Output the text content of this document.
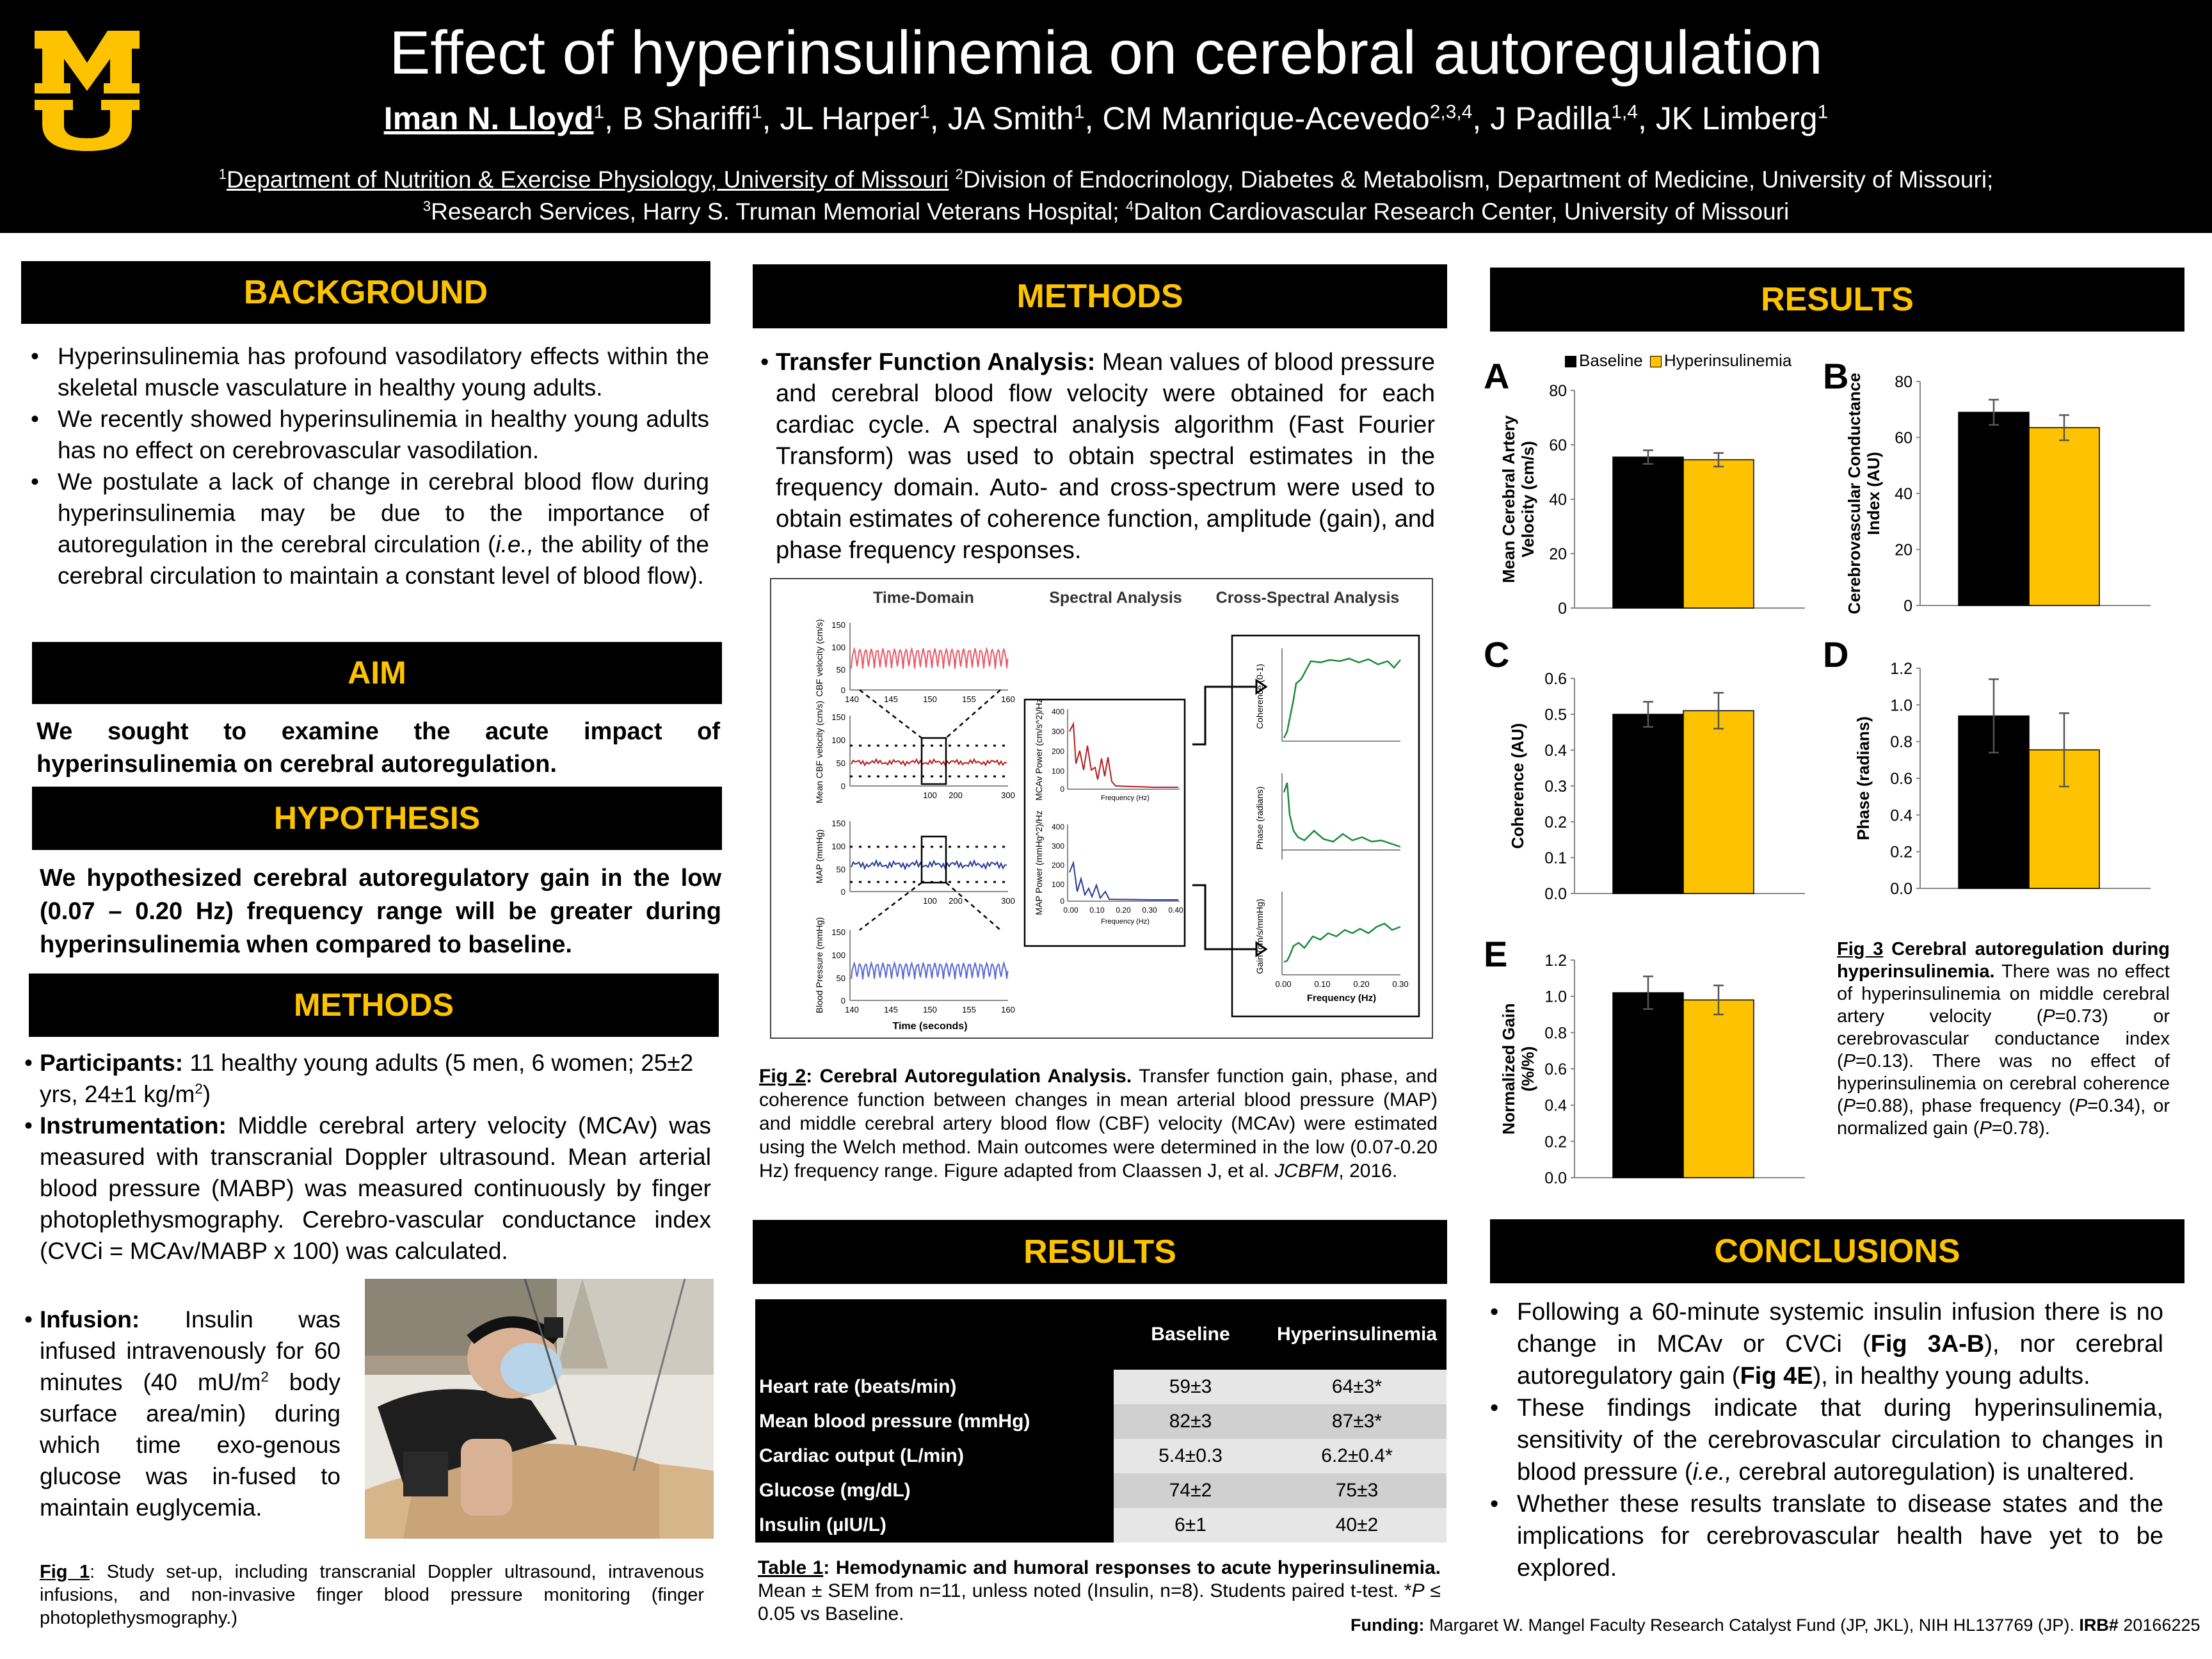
Effect of hyperinsulinemia on cerebral autoregulation
Iman N. Lloyd$^1$, B Shariffi$^1$, JL Harper$^1$, JA Smith$^1$, CM Manrique-Acevedo$^{2,3,4}$, J Padilla$^{1,4}$, JK Limberg$^1$
$^1$Department of Nutrition & Exercise Physiology, University of Missouri $^2$Division of Endocrinology, Diabetes & Metabolism, Department of Medicine, University of Missouri;
$^3$Research Services, Harry S. Truman Memorial Veterans Hospital; $^4$Dalton Cardiovascular Research Center, University of Missouri
BACKGROUND
• Hyperinsulinemia has profound vasodilatory effects within the skeletal muscle vasculature in healthy young adults.
• We recently showed hyperinsulinemia in healthy young adults has no effect on cerebrovascular vasodilation.
• We postulate a lack of change in cerebral blood flow during hyperinsulinemia may be due to the importance of autoregulation in the cerebral circulation (i.e., the ability of the cerebral circulation to maintain a constant level of blood flow).
AIM
We sought to examine the acute impact of hyperinsulinemia on cerebral autoregulation.
HYPOTHESIS
We hypothesized cerebral autoregulatory gain in the low (0.07 – 0.20 Hz) frequency range will be greater during hyperinsulinemia when compared to baseline.
METHODS
• Participants: 11 healthy young adults (5 men, 6 women; 25±2 yrs, 24±1 $kg/m^2$)
• Instrumentation: Middle cerebral artery velocity (MCAv) was measured with transcranial Doppler ultrasound. Mean arterial blood pressure (MABP) was measured continuously by finger photoplethysmography. Cerebro-vascular conductance index (CVCi = MCAv/MABP x 100) was calculated.
• Infusion: Insulin was infused intravenously for 60 minutes (40 $mU/m^2$ body surface area/min) during which time exo-genous glucose was in-fused to maintain euglycemia.
Fig 1: Study set-up, including transcranial Doppler ultrasound, intravenous infusions, and non-invasive finger blood pressure monitoring (finger photoplethysmography.)
METHODS
• Transfer Function Analysis: Mean values of blood pressure and cerebral blood flow velocity were obtained for each cardiac cycle. A spectral analysis algorithm (Fast Fourier Transform) was used to obtain spectral estimates in the frequency domain. Auto- and cross-spectrum were used to obtain estimates of coherence function, amplitude (gain), and phase frequency responses.
Time-Domain	Spectral Analysis Cross-Spectral Analysis
150
100
50
0
CBF velocity (cm/s)
140	145	150	155	160
150
100
50
0
Mean CBF velocity (cm/s)	100 200	300
150
100
50
0
MAP (mmHg)
100 200	300
150
100
50
0
Blood Pressure (mmHg) 140	145	150	155	160
Time (seconds)
400
300
200
100
0
MCAv Power (cm/s^2)/Hz	Frequency (Hz)
400
300
200
100
0
MAP Power (mmHg^2)/Hz	0.00 0.10 0.20 0.30 0.40
Frequency (Hz)
Coherence (0-1)
Phase (radians)
Gain (cm/s/mmHg)
0.00	0.10	0.20	0.30
Frequency (Hz)
Fig 2: Cerebral Autoregulation Analysis. Transfer function gain, phase, and coherence function between changes in mean arterial blood pressure (MAP) and middle cerebral artery blood flow (CBF) velocity (MCAv) were estimated using the Welch method. Main outcomes were determined in the low (0.07-0.20 Hz) frequency range. Figure adapted from Claassen J, et al. JCBFM, 2016.
RESULTS
	Baseline	Hyperinsulinemia
Heart rate (beats/min)	59±3	64±3*
Mean blood pressure (mmHg)	82±3	87±3*
Cardiac output (L/min)	5.4±0.3	6.2±0.4*
Glucose (mg/dL)	74±2	75±3
Insulin (µIU/L)	6±1	40±2
Table 1: Hemodynamic and humoral responses to acute hyperinsulinemia. Mean ± SEM from n=11, unless noted (Insulin, n=8). Students paired t-test. *P ≤ 0.05 vs Baseline.
RESULTS
Baseline Hyperinsulinemia
A	B
C	D
E
0
20
40
60
80
Mean Cerebral ArteryVelocity (cm/s)
0
20
40
60
80
Cerebrovascular ConductanceIndex (AU)
0.0
0.1
0.2
0.3
0.4
0.5
0.6
Coherence (AU)
0.0
0.2
0.4
0.6
0.8
1.0
1.2
Phase (radians)
0.0
0.2
0.4
0.6
0.8
1.0
1.2
Normalized Gain(%/%)
Fig 3 Cerebral autoregulation during hyperinsulinemia. There was no effect of hyperinsulinemia on middle cerebral artery velocity (P=0.73) or cerebrovascular conductance index (P=0.13). There was no effect of hyperinsulinemia on cerebral coherence (P=0.88), phase frequency (P=0.34), or normalized gain (P=0.78).
CONCLUSIONS
• Following a 60-minute systemic insulin infusion there is no change in MCAv or CVCi (Fig 3A-B), nor cerebral autoregulatory gain (Fig 4E), in healthy young adults.
• These findings indicate that during hyperinsulinemia, sensitivity of the cerebrovascular circulation to changes in blood pressure (i.e., cerebral autoregulation) is unaltered.
• Whether these results translate to disease states and the implications for cerebrovascular health have yet to be explored.
Funding: Margaret W. Mangel Faculty Research Catalyst Fund (JP, JKL), NIH HL137769 (JP). IRB# 20166225
